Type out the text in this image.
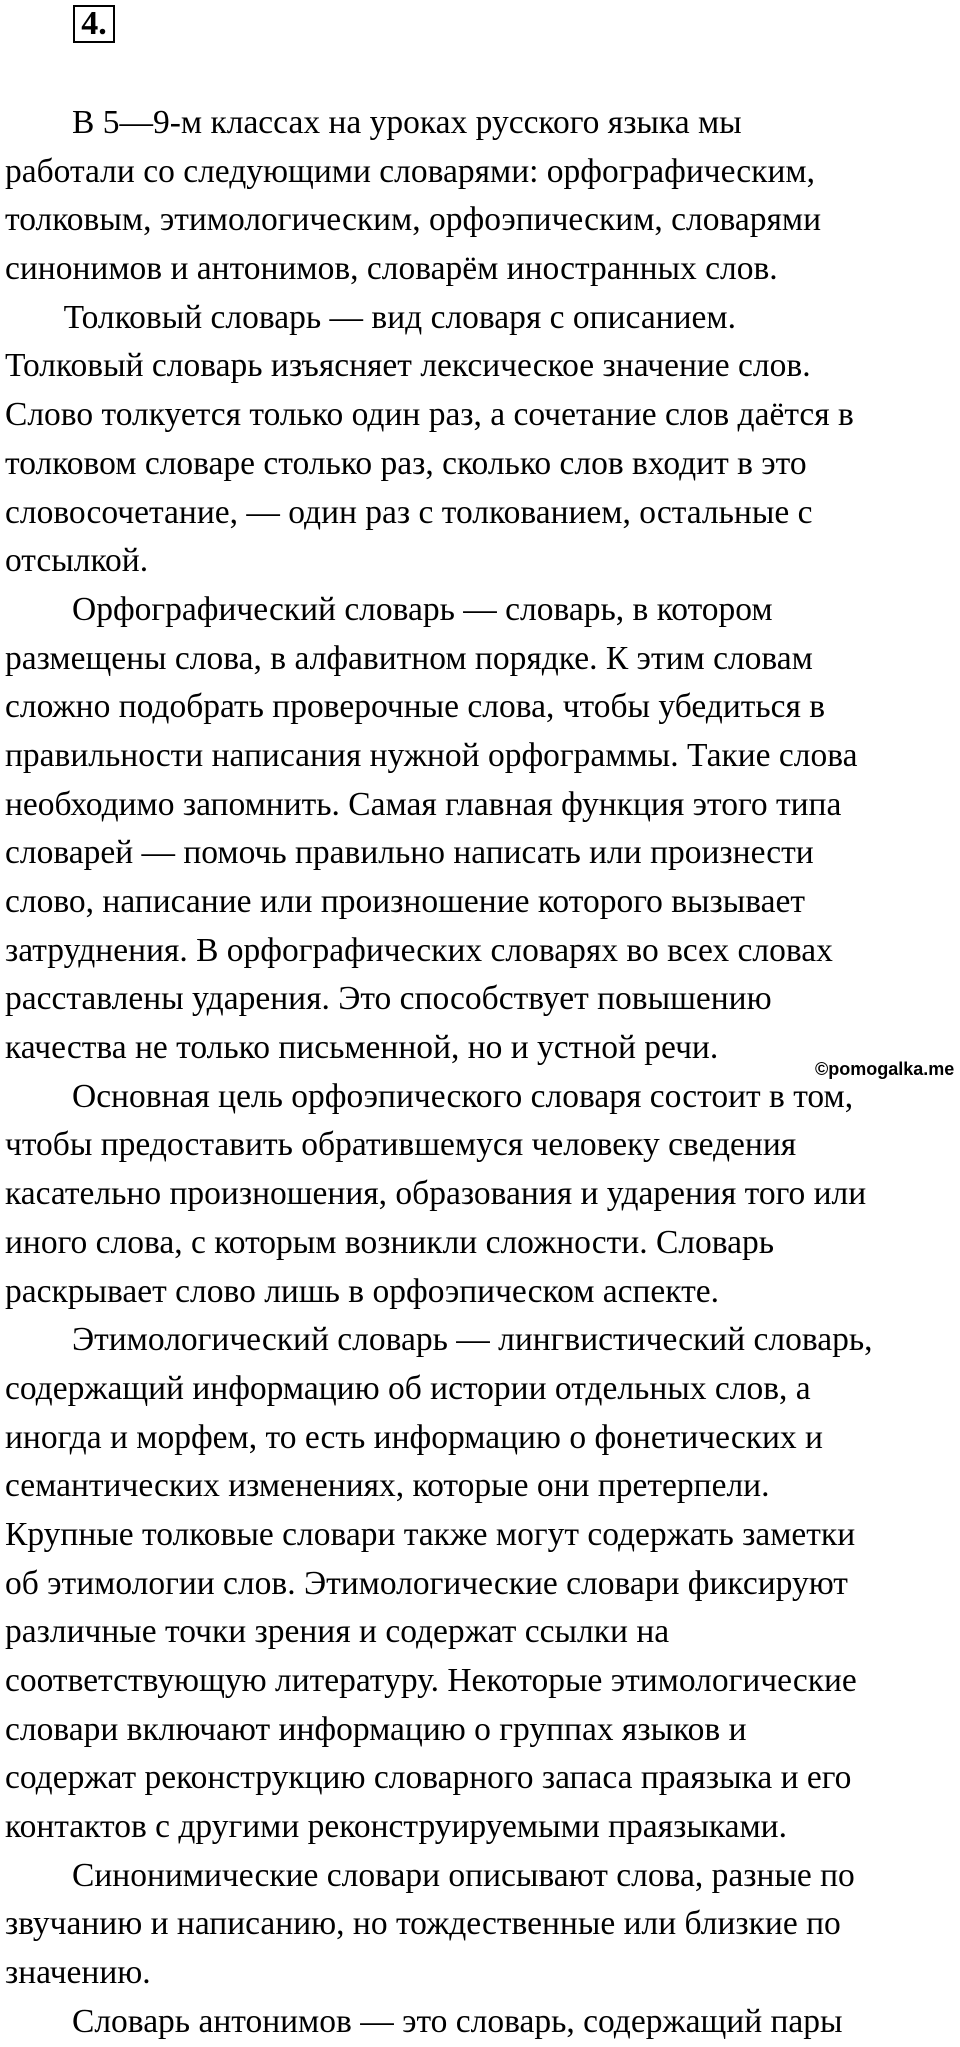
4.
В 5—9-м классах на уроках русского языка мы
работали со следующими словарями: орфографическим,
толковым, этимологическим, орфоэпическим, словарями
синонимов и антонимов, словарём иностранных слов.
Толковый словарь — вид словаря с описанием.
Толковый словарь изъясняет лексическое значение слов.
Слово толкуется только один раз, а сочетание слов даётся в
толковом словаре столько раз, сколько слов входит в это
словосочетание, — один раз с толкованием, остальные с
отсылкой.
Орфографический словарь — словарь, в котором
размещены слова, в алфавитном порядке. К этим словам
сложно подобрать проверочные слова, чтобы убедиться в
правильности написания нужной орфограммы. Такие слова
необходимо запомнить. Самая главная функция этого типа
словарей — помочь правильно написать или произнести
слово, написание или произношение которого вызывает
затруднения. В орфографических словарях во всех словах
расставлены ударения. Это способствует повышению
качества не только письменной, но и устной речи.
Основная цель орфоэпического словаря состоит в том,
чтобы предоставить обратившемуся человеку сведения
касательно произношения, образования и ударения того или
иного слова, с которым возникли сложности. Словарь
раскрывает слово лишь в орфоэпическом аспекте.
Этимологический словарь — лингвистический словарь,
содержащий информацию об истории отдельных слов, а
иногда и морфем, то есть информацию о фонетических и
семантических изменениях, которые они претерпели.
Крупные толковые словари также могут содержать заметки
об этимологии слов. Этимологические словари фиксируют
различные точки зрения и содержат ссылки на
соответствующую литературу. Некоторые этимологические
словари включают информацию о группах языков и
содержат реконструкцию словарного запаса праязыка и его
контактов с другими реконструируемыми праязыками.
Синонимические словари описывают слова, разные по
звучанию и написанию, но тождественные или близкие по
значению.
Словарь антонимов — это словарь, содержащий пары
©pomogalka.me
